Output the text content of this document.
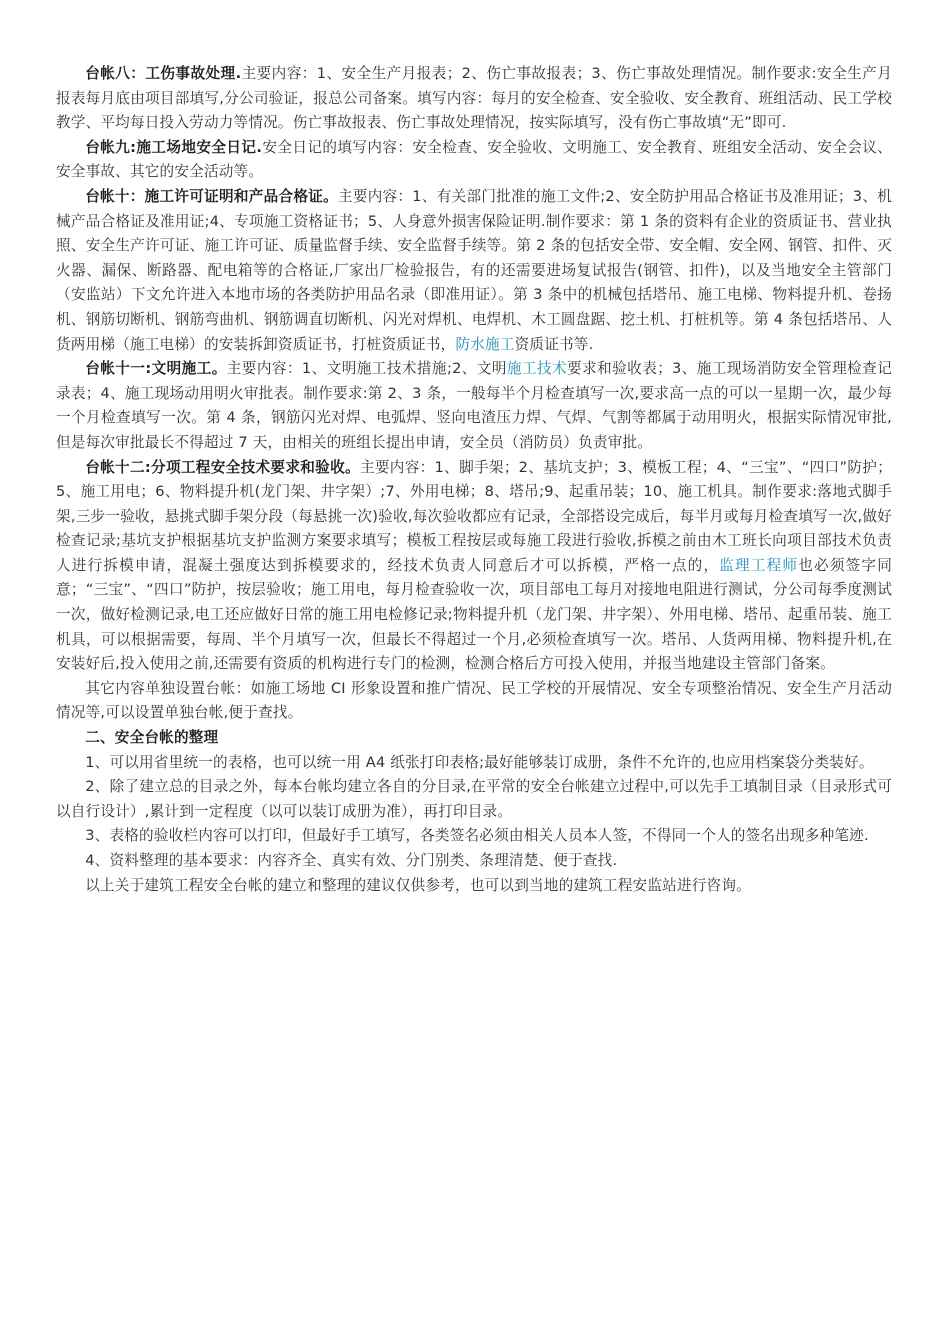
台帐八：工伤事故处理.主要内容：1、安全生产月报表；2、伤亡事故报表；3、伤亡事故处理情况。制作要求:安全生产月报表每月底由项目部填写,分公司验证，报总公司备案。填写内容：每月的安全检查、安全验收、安全教育、班组活动、民工学校教学、平均每日投入劳动力等情况。伤亡事故报表、伤亡事故处理情况，按实际填写，没有伤亡事故填“无”即可.

台帐九:施工场地安全日记.安全日记的填写内容：安全检查、安全验收、文明施工、安全教育、班组安全活动、安全会议、安全事故、其它的安全活动等。

台帐十：施工许可证明和产品合格证。主要内容：1、有关部门批准的施工文件;2、安全防护用品合格证书及准用证；3、机械产品合格证及准用证;4、专项施工资格证书；5、人身意外损害保险证明.制作要求：第 1 条的资料有企业的资质证书、营业执照、安全生产许可证、施工许可证、质量监督手续、安全监督手续等。第 2 条的包括安全带、安全帽、安全网、钢管、扣件、灭火器、漏保、断路器、配电箱等的合格证,厂家出厂检验报告，有的还需要进场复试报告(钢管、扣件)，以及当地安全主管部门（安监站）下文允许进入本地市场的各类防护用品名录（即准用证）。第 3 条中的机械包括塔吊、施工电梯、物料提升机、卷扬机、钢筋切断机、钢筋弯曲机、钢筋调直切断机、闪光对焊机、电焊机、木工圆盘踞、挖土机、打桩机等。第 4 条包括塔吊、人货两用梯（施工电梯）的安装拆卸资质证书，打桩资质证书，防水施工资质证书等.

台帐十一:文明施工。主要内容：1、文明施工技术措施;2、文明施工技术要求和验收表；3、施工现场消防安全管理检查记录表；4、施工现场动用明火审批表。制作要求:第 2、3 条，一般每半个月检查填写一次,要求高一点的可以一星期一次，最少每一个月检查填写一次。第 4 条，钢筋闪光对焊、电弧焊、竖向电渣压力焊、气焊、气割等都属于动用明火，根据实际情况审批,但是每次审批最长不得超过 7 天，由相关的班组长提出申请，安全员（消防员）负责审批。

台帐十二:分项工程安全技术要求和验收。主要内容：1、脚手架；2、基坑支护；3、模板工程；4、“三宝”、“四口”防护；5、施工用电；6、物料提升机(龙门架、井字架）;7、外用电梯；8、塔吊;9、起重吊装；10、施工机具。制作要求:落地式脚手架,三步一验收，悬挑式脚手架分段（每悬挑一次)验收,每次验收都应有记录，全部搭设完成后，每半月或每月检查填写一次,做好检查记录;基坑支护根据基坑支护监测方案要求填写；模板工程按层或每施工段进行验收,拆模之前由木工班长向项目部技术负责人进行拆模申请，混凝土强度达到拆模要求的，经技术负责人同意后才可以拆模，严格一点的，监理工程师也必须签字同意；“三宝”、“四口”防护，按层验收；施工用电，每月检查验收一次，项目部电工每月对接地电阻进行测试，分公司每季度测试一次，做好检测记录,电工还应做好日常的施工用电检修记录;物料提升机（龙门架、井字架）、外用电梯、塔吊、起重吊装、施工机具，可以根据需要，每周、半个月填写一次，但最长不得超过一个月,必须检查填写一次。塔吊、人货两用梯、物料提升机,在安装好后,投入使用之前,还需要有资质的机构进行专门的检测，检测合格后方可投入使用，并报当地建设主管部门备案。

其它内容单独设置台帐：如施工场地 CI 形象设置和推广情况、民工学校的开展情况、安全专项整治情况、安全生产月活动情况等,可以设置单独台帐,便于查找。

二、安全台帐的整理

1、可以用省里统一的表格，也可以统一用 A4 纸张打印表格;最好能够装订成册，条件不允许的,也应用档案袋分类装好。

2、除了建立总的目录之外，每本台帐均建立各自的分目录,在平常的安全台帐建立过程中,可以先手工填制目录（目录形式可以自行设计）,累计到一定程度（以可以装订成册为准），再打印目录。

3、表格的验收栏内容可以打印，但最好手工填写，各类签名必须由相关人员本人签，不得同一个人的签名出现多种笔迹.

4、资料整理的基本要求：内容齐全、真实有效、分门别类、条理清楚、便于查找.

以上关于建筑工程安全台帐的建立和整理的建议仅供参考，也可以到当地的建筑工程安监站进行咨询。
